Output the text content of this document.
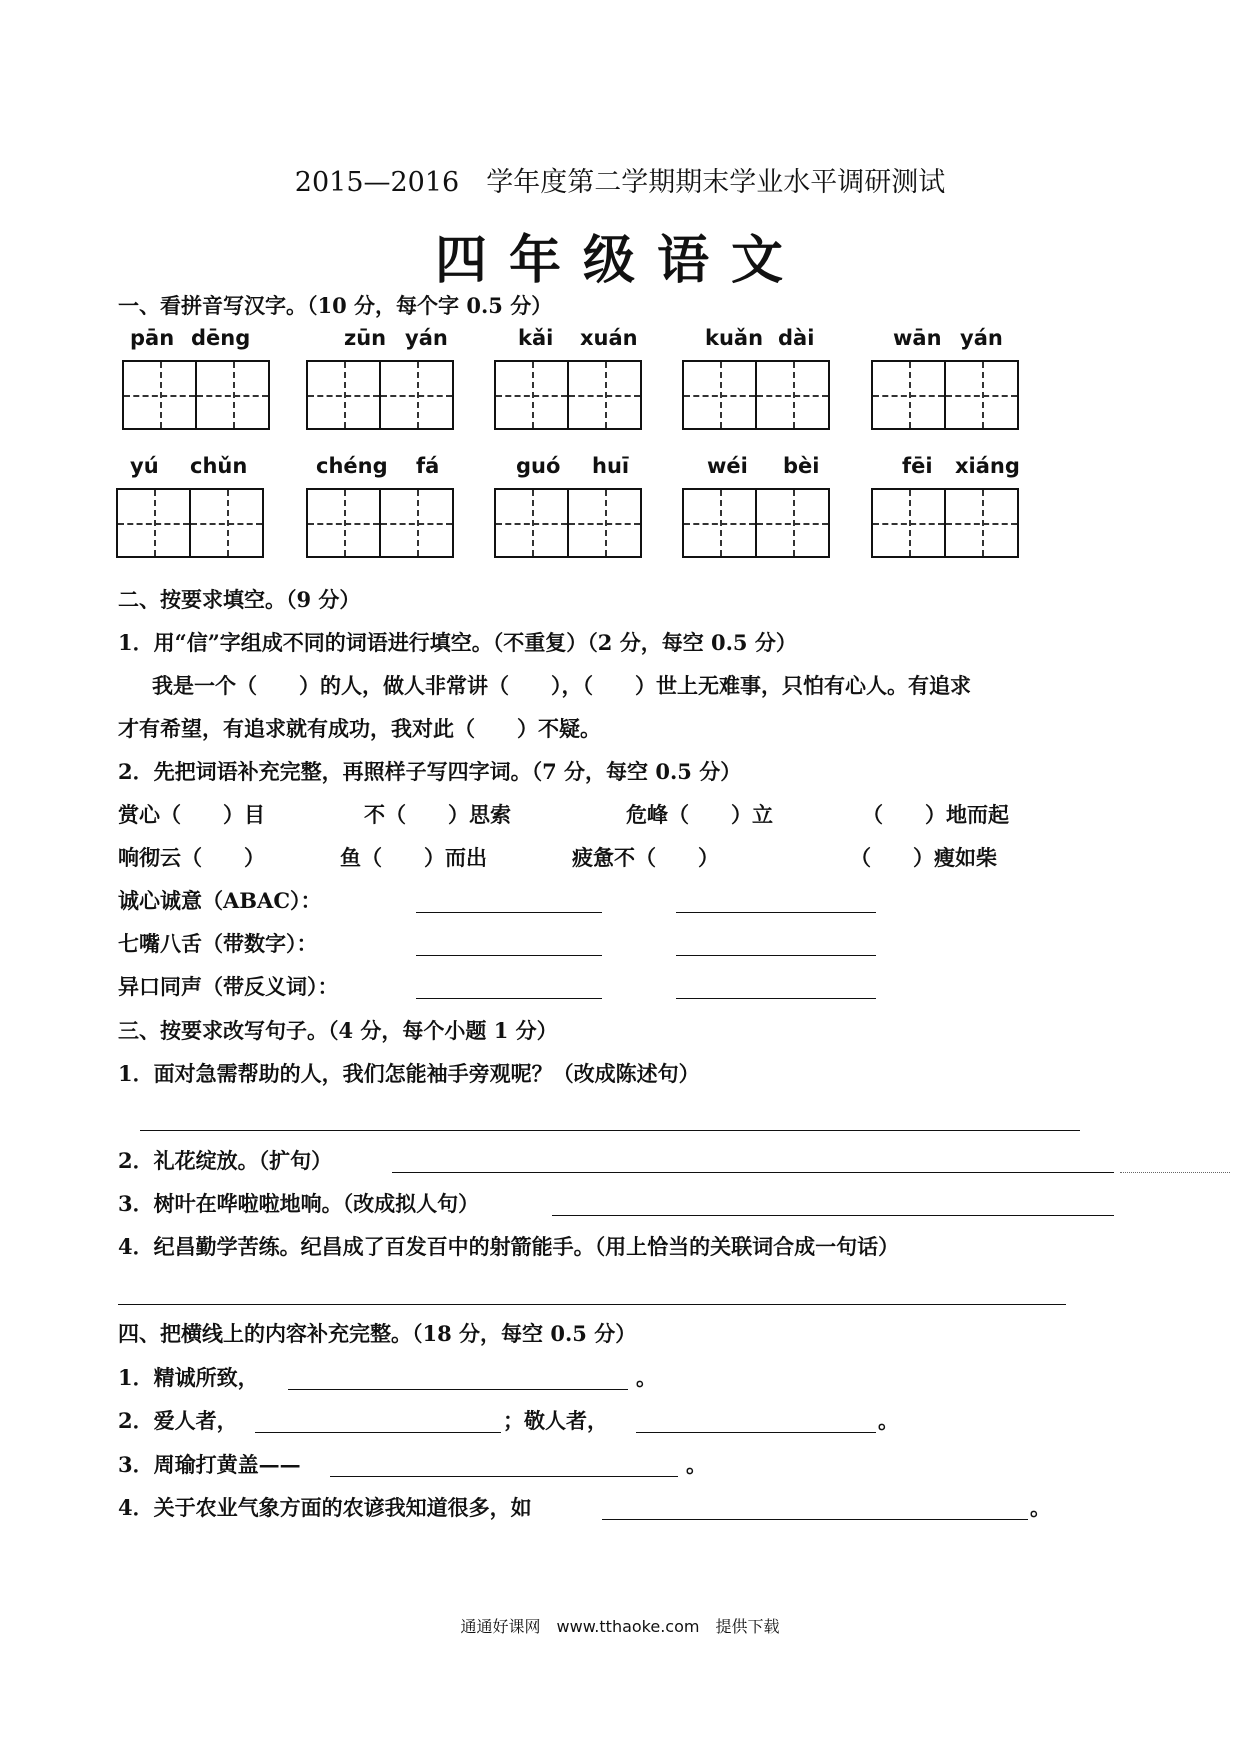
2015—2016　学年度第二学期期末学业水平调研测试
四年级语文
一、看拼音写汉字。（10 分，每个字 0.5 分）
pān dēng	zūn yán	kǎi xuán	kuǎn dài	wān yán
yú chǔn	chéng fá	guó huī	wéi bèi	fēi xiáng
二、按要求填空。（9 分）
1．用“信”字组成不同的词语进行填空。（不重复）（2 分，每空 0.5 分）
我是一个（　　）的人，做人非常讲（　　），（　　）世上无难事，只怕有心人。有追求
才有希望，有追求就有成功，我对此（　　）不疑。
2．先把词语补充完整，再照样子写四字词。（7 分，每空 0.5 分）
赏心（　　）目	不（　　）思索	危峰（　　）立	（　　）地而起
响彻云（　　）	鱼（　　）而出	疲惫不（　　）	（　　）瘦如柴
诚心诚意（ABAC）：
七嘴八舌（带数字）：
异口同声（带反义词）：
三、按要求改写句子。（4 分，每个小题 1 分）
1．面对急需帮助的人，我们怎能袖手旁观呢？（改成陈述句）
2．礼花绽放。（扩句）
3．树叶在哗啦啦地响。（改成拟人句）
4．纪昌勤学苦练。纪昌成了百发百中的射箭能手。（用上恰当的关联词合成一句话）
四、把横线上的内容补充完整。（18 分，每空 0.5 分）
1．精诚所致，	。
2．爱人者，	；敬人者，	。
3．周瑜打黄盖——	。
4．关于农业气象方面的农谚我知道很多，如	。
通通好课网　www.tthaoke.com　提供下载
